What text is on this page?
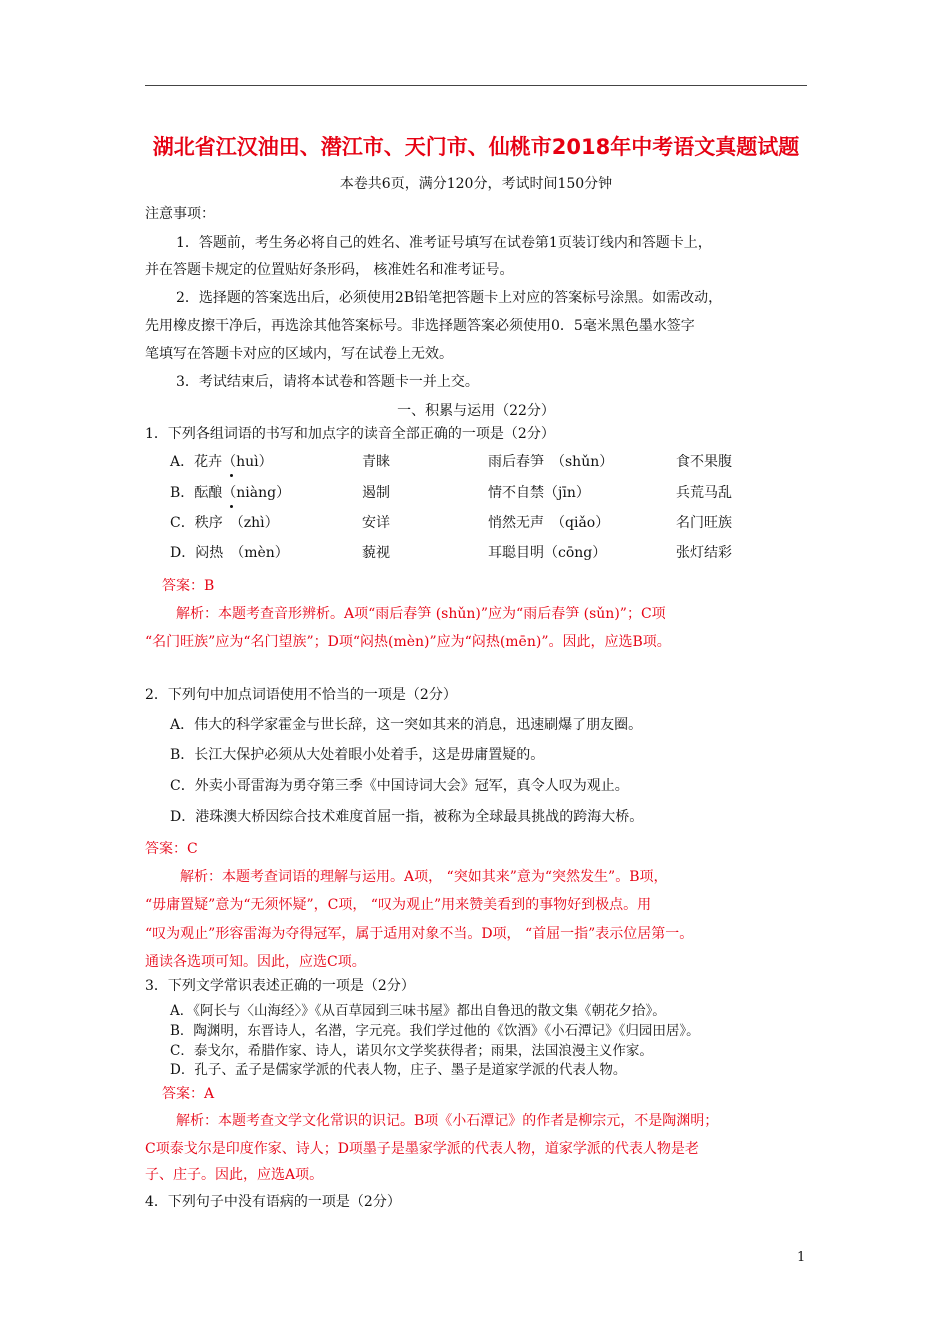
湖北省江汉油田、潜江市、天门市、仙桃市2018年中考语文真题试题
本卷共6页，满分120分，考试时间150分钟
注意事项：
1．答题前，考生务必将自己的姓名、准考证号填写在试卷第1页装订线内和答题卡上，
并在答题卡规定的位置贴好条形码， 核准姓名和准考证号。
2．选择题的答案选出后，必须使用2B铅笔把答题卡上对应的答案标号涂黑。如需改动，
先用橡皮擦干净后，再选涂其他答案标号。非选择题答案必须使用0．5毫米黑色墨水签字
笔填写在答题卡对应的区域内，写在试卷上无效。
3．考试结束后，请将本试卷和答题卡一并上交。
一、积累与运用（22分）
1．下列各组词语的书写和加点字的读音全部正确的一项是（2分）
A．花卉（huì）	青睐	雨后春笋　（shǔn）	食不果腹
B．酝酿（niàng）	遏制	情不自禁（jīn）	兵荒马乱
C．秩序　（zhì）	安详	悄然无声　（qiǎo）	名门旺族
D．闷热　（mèn）	藐视	耳聪目明（cōng）	张灯结彩
答案：B
解析：本题考查音形辨析。A项“雨后春笋 (shǔn)”应为“雨后春笋 (sǔn)”；C项
“名门旺族”应为“名门望族”；D项“闷热(mèn)”应为“闷热(mēn)”。因此，应选B项。
2．下列句中加点词语使用不恰当的一项是（2分）
A．伟大的科学家霍金与世长辞，这一突如其来的消息，迅速刷爆了朋友圈。
B．长江大保护必须从大处着眼小处着手，这是毋庸置疑的。
C．外卖小哥雷海为勇夺第三季《中国诗词大会》冠军，真令人叹为观止。
D．港珠澳大桥因综合技术难度首屈一指，被称为全球最具挑战的跨海大桥。
答案：C
解析：本题考查词语的理解与运用。A项， “突如其来”意为“突然发生”。B项，
“毋庸置疑”意为“无须怀疑”，C项， “叹为观止”用来赞美看到的事物好到极点。用
“叹为观止”形容雷海为夺得冠军，属于适用对象不当。D项， “首屈一指”表示位居第一。
通读各选项可知。因此，应选C项。
3．下列文学常识表述正确的一项是（2分）
A．《阿长与〈山海经〉》《从百草园到三味书屋》都出自鲁迅的散文集《朝花夕拾》。
B．陶渊明，东晋诗人，名潜，字元亮。我们学过他的《饮酒》《小石潭记》《归园田居》。
C．泰戈尔，希腊作家、诗人，诺贝尔文学奖获得者；雨果，法国浪漫主义作家。
D．孔子、孟子是儒家学派的代表人物，庄子、墨子是道家学派的代表人物。
答案：A
解析：本题考查文学文化常识的识记。B项《小石潭记》的作者是柳宗元，不是陶渊明；
C项泰戈尔是印度作家、诗人；D项墨子是墨家学派的代表人物，道家学派的代表人物是老
子、庄子。因此，应选A项。
4．下列句子中没有语病的一项是（2分）
1
